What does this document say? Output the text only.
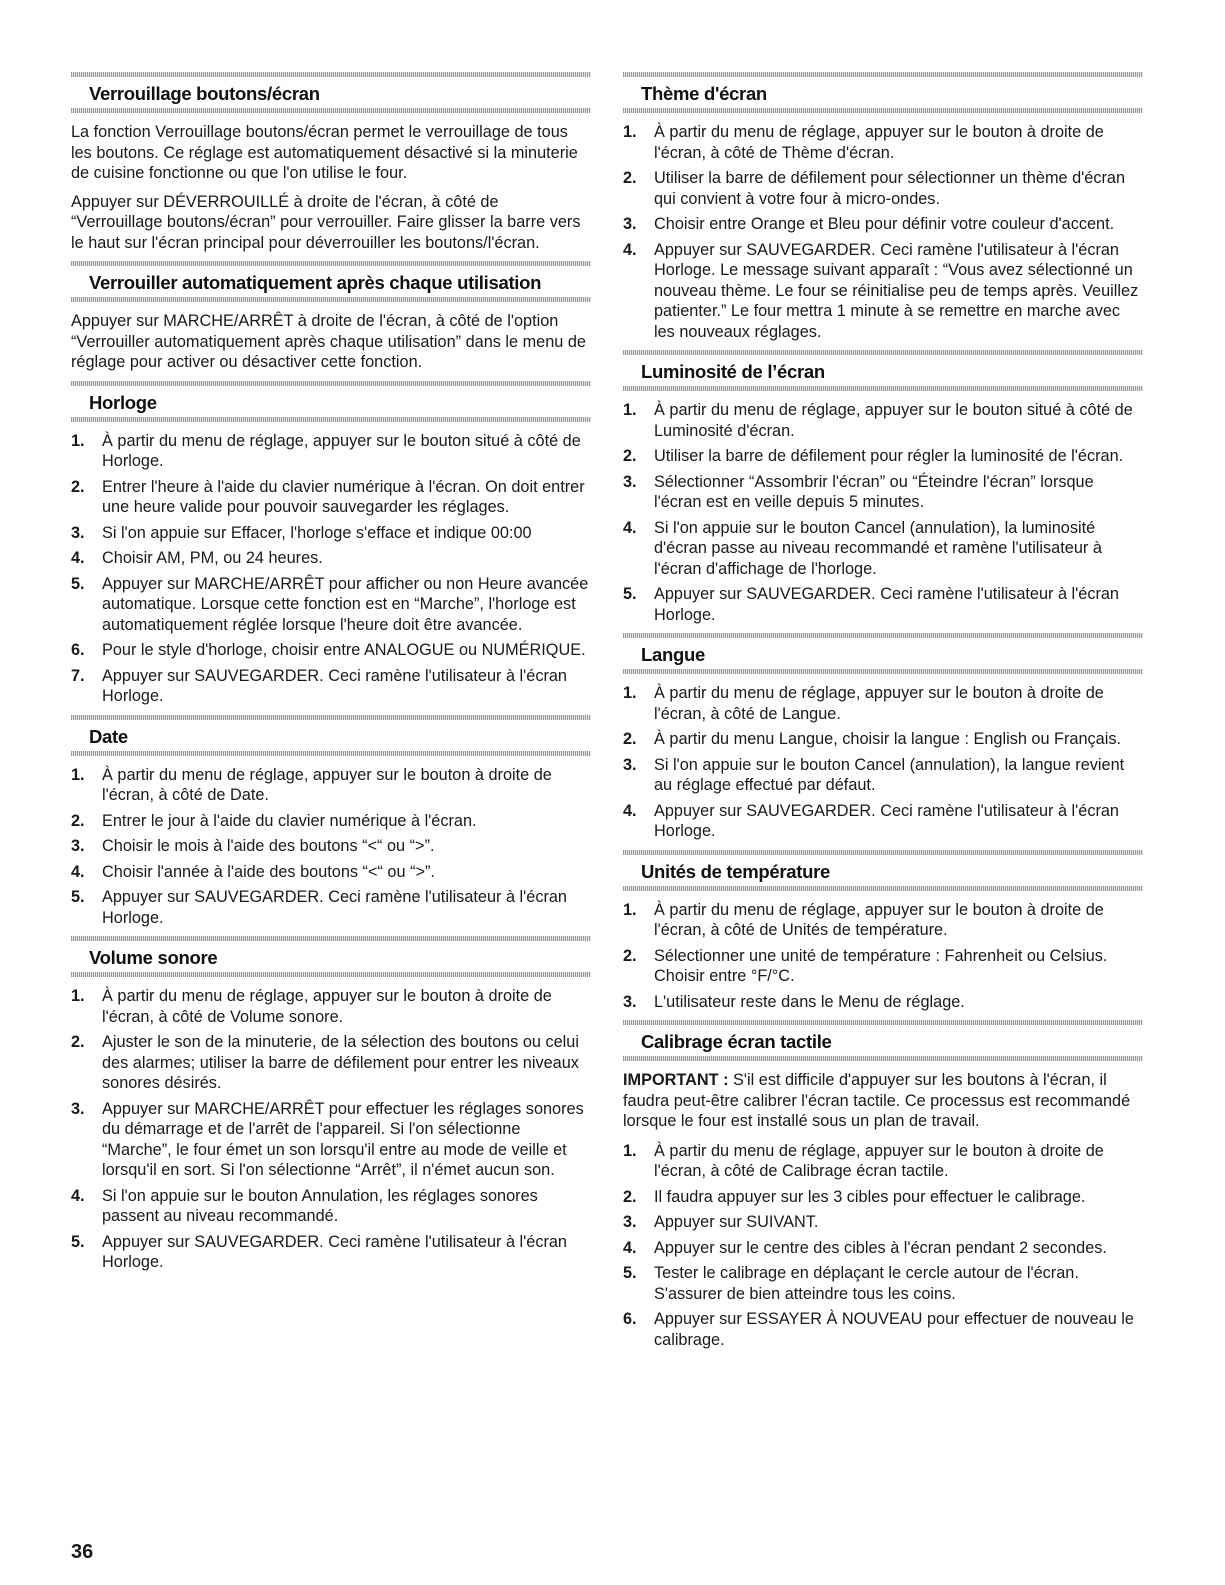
Verrouillage boutons/écran

La fonction Verrouillage boutons/écran permet le verrouillage de tous les boutons. Ce réglage est automatiquement désactivé si la minuterie de cuisine fonctionne ou que l'on utilise le four.

Appuyer sur DÉVERROUILLÉ à droite de l'écran, à côté de “Verrouillage boutons/écran” pour verrouiller. Faire glisser la barre vers le haut sur l'écran principal pour déverrouiller les boutons/l'écran.

Verrouiller automatiquement après chaque utilisation

Appuyer sur MARCHE/ARRÊT à droite de l'écran, à côté de l'option “Verrouiller automatiquement après chaque utilisation” dans le menu de réglage pour activer ou désactiver cette fonction.

Horloge
1. À partir du menu de réglage, appuyer sur le bouton situé à côté de Horloge.
2. Entrer l'heure à l'aide du clavier numérique à l'écran. On doit entrer une heure valide pour pouvoir sauvegarder les réglages.
3. Si l'on appuie sur Effacer, l'horloge s'efface et indique 00:00
4. Choisir AM, PM, ou 24 heures.
5. Appuyer sur MARCHE/ARRÊT pour afficher ou non Heure avancée automatique. Lorsque cette fonction est en “Marche”, l'horloge est automatiquement réglée lorsque l'heure doit être avancée.
6. Pour le style d'horloge, choisir entre ANALOGUE ou NUMÉRIQUE.
7. Appuyer sur SAUVEGARDER. Ceci ramène l'utilisateur à l'écran Horloge.
Date
1. À partir du menu de réglage, appuyer sur le bouton à droite de l'écran, à côté de Date.
2. Entrer le jour à l'aide du clavier numérique à l'écran.
3. Choisir le mois à l'aide des boutons “<“ ou “>”.
4. Choisir l'année à l'aide des boutons “<“ ou “>”.
5. Appuyer sur SAUVEGARDER. Ceci ramène l'utilisateur à l'écran Horloge.
Volume sonore
1. À partir du menu de réglage, appuyer sur le bouton à droite de l'écran, à côté de Volume sonore.
2. Ajuster le son de la minuterie, de la sélection des boutons ou celui des alarmes; utiliser la barre de défilement pour entrer les niveaux sonores désirés.
3. Appuyer sur MARCHE/ARRÊT pour effectuer les réglages sonores du démarrage et de l'arrêt de l'appareil. Si l'on sélectionne “Marche”, le four émet un son lorsqu'il entre au mode de veille et lorsqu'il en sort. Si l'on sélectionne “Arrêt”, il n'émet aucun son.
4. Si l'on appuie sur le bouton Annulation, les réglages sonores passent au niveau recommandé.
5. Appuyer sur SAUVEGARDER. Ceci ramène l'utilisateur à l'écran Horloge.
Thème d'écran
1. À partir du menu de réglage, appuyer sur le bouton à droite de l'écran, à côté de Thème d'écran.
2. Utiliser la barre de défilement pour sélectionner un thème d'écran qui convient à votre four à micro-ondes.
3. Choisir entre Orange et Bleu pour définir votre couleur d'accent.
4. Appuyer sur SAUVEGARDER. Ceci ramène l'utilisateur à l'écran Horloge. Le message suivant apparaît : “Vous avez sélectionné un nouveau thème. Le four se réinitialise peu de temps après. Veuillez patienter.” Le four mettra 1 minute à se remettre en marche avec les nouveaux réglages.
Luminosité de l’écran
1. À partir du menu de réglage, appuyer sur le bouton situé à côté de Luminosité d'écran.
2. Utiliser la barre de défilement pour régler la luminosité de l'écran.
3. Sélectionner “Assombrir l'écran” ou “Éteindre l'écran” lorsque l'écran est en veille depuis 5 minutes.
4. Si l'on appuie sur le bouton Cancel (annulation), la luminosité d'écran passe au niveau recommandé et ramène l'utilisateur à l'écran d'affichage de l'horloge.
5. Appuyer sur SAUVEGARDER. Ceci ramène l'utilisateur à l'écran Horloge.
Langue
1. À partir du menu de réglage, appuyer sur le bouton à droite de l'écran, à côté de Langue.
2. À partir du menu Langue, choisir la langue : English ou Français.
3. Si l'on appuie sur le bouton Cancel (annulation), la langue revient au réglage effectué par défaut.
4. Appuyer sur SAUVEGARDER. Ceci ramène l'utilisateur à l'écran Horloge.
Unités de température
1. À partir du menu de réglage, appuyer sur le bouton à droite de l'écran, à côté de Unités de température.
2. Sélectionner une unité de température : Fahrenheit ou Celsius. Choisir entre °F/°C.
3. L'utilisateur reste dans le Menu de réglage.
Calibrage écran tactile

IMPORTANT : S'il est difficile d'appuyer sur les boutons à l'écran, il faudra peut-être calibrer l'écran tactile. Ce processus est recommandé lorsque le four est installé sous un plan de travail.

1. À partir du menu de réglage, appuyer sur le bouton à droite de l'écran, à côté de Calibrage écran tactile.
2. Il faudra appuyer sur les 3 cibles pour effectuer le calibrage.
3. Appuyer sur SUIVANT.
4. Appuyer sur le centre des cibles à l'écran pendant 2 secondes.
5. Tester le calibrage en déplaçant le cercle autour de l'écran. S'assurer de bien atteindre tous les coins.
6. Appuyer sur ESSAYER À NOUVEAU pour effectuer de nouveau le calibrage.
36
